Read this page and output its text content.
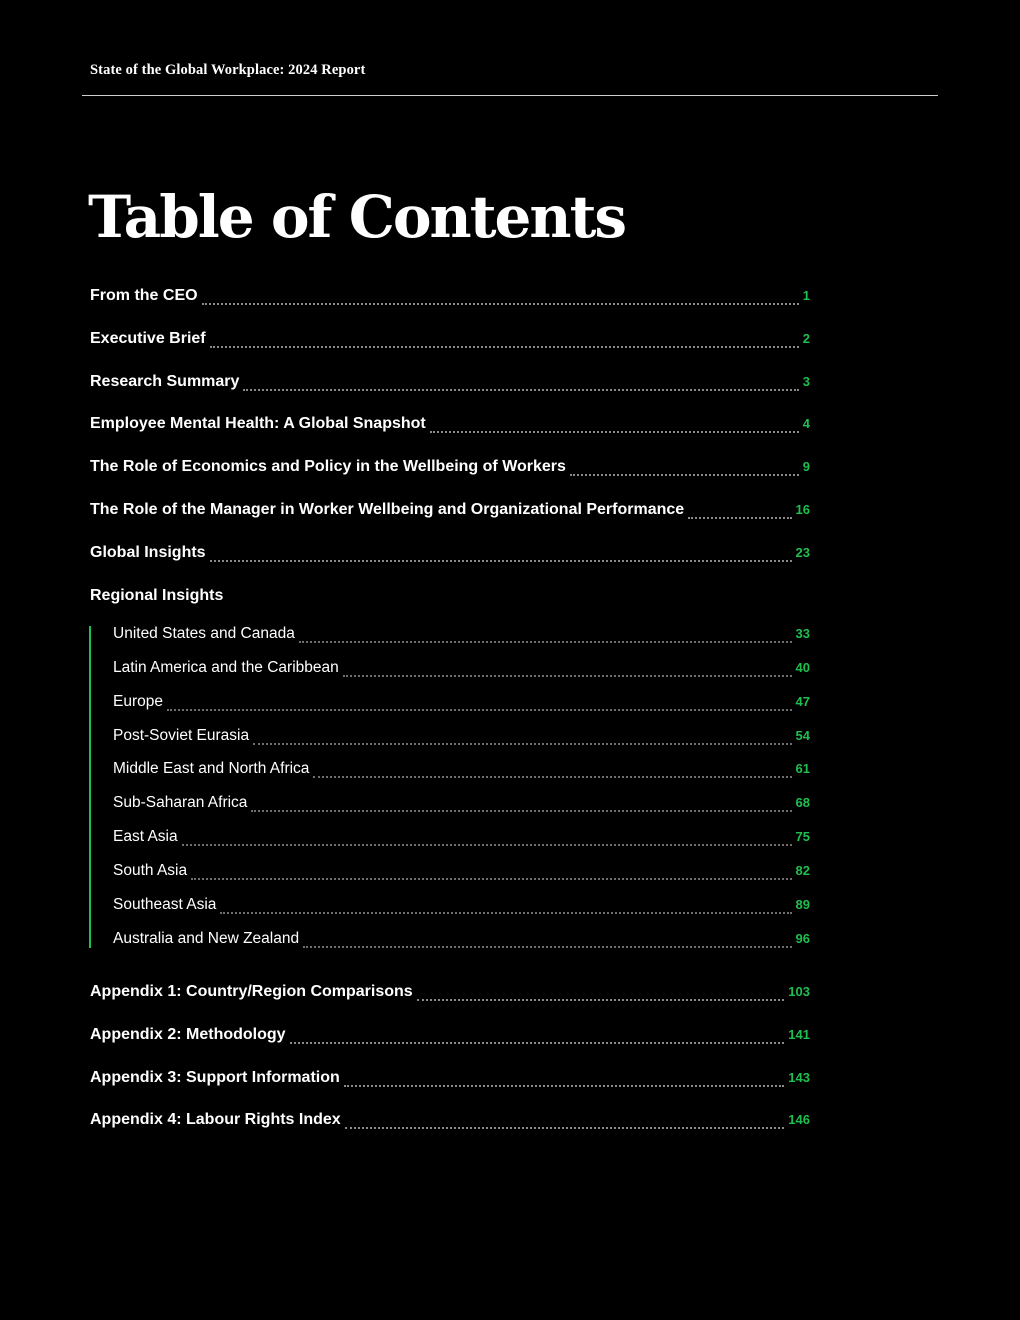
State of the Global Workplace: 2024 Report
Table of Contents
From the CEO	1
Executive Brief	2
Research Summary	3
Employee Mental Health: A Global Snapshot	4
The Role of Economics and Policy in the Wellbeing of Workers	9
The Role of the Manager in Worker Wellbeing and Organizational Performance	16
Global Insights	23
Regional Insights
United States and Canada	33
Latin America and the Caribbean	40
Europe	47
Post-Soviet Eurasia	54
Middle East and North Africa	61
Sub-Saharan Africa	68
East Asia	75
South Asia	82
Southeast Asia	89
Australia and New Zealand	96
Appendix 1: Country/Region Comparisons	103
Appendix 2: Methodology	141
Appendix 3: Support Information	143
Appendix 4: Labour Rights Index	146
